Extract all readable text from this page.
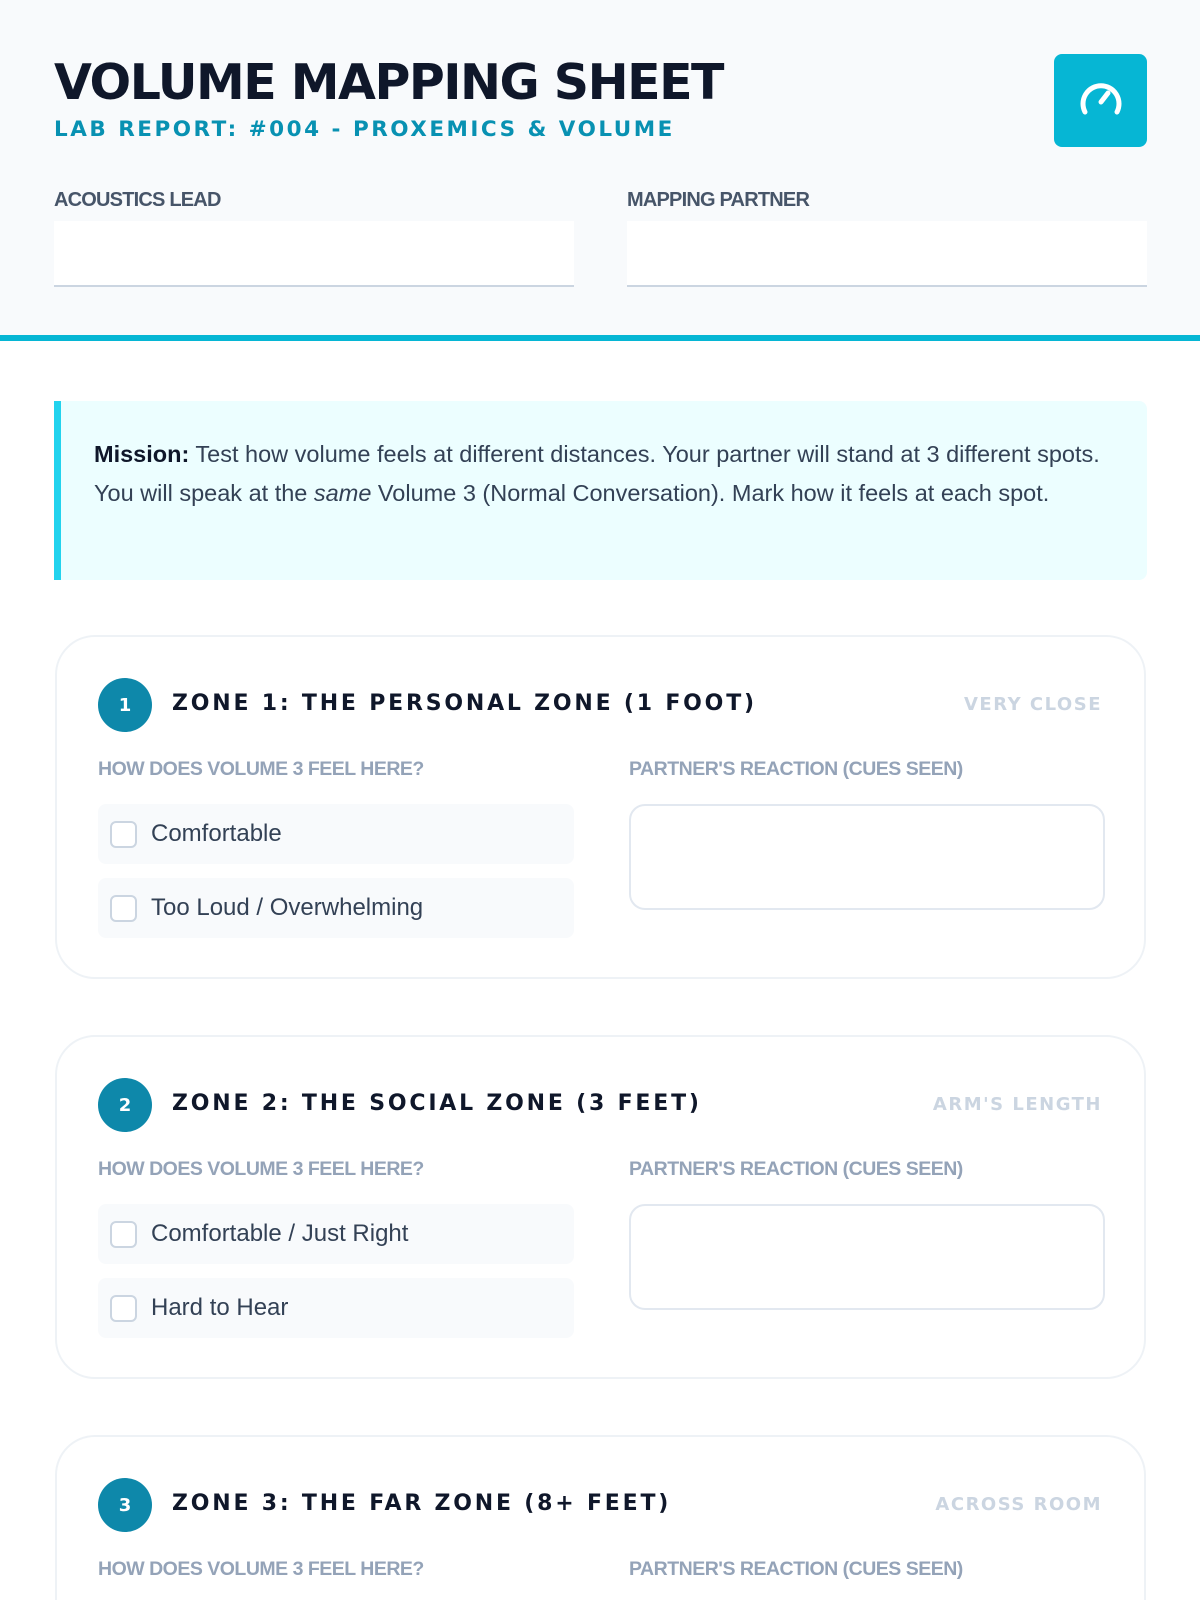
VOLUME MAPPING SHEET
LAB REPORT: #004 - PROXEMICS & VOLUME
ACOUSTICS LEAD	MAPPING PARTNER
Mission: Test how volume feels at different distances. Your partner will stand at 3 different spots. You will speak at the same Volume 3 (Normal Conversation). Mark how it feels at each spot.
1	ZONE 1: THE PERSONAL ZONE (1 FOOT)	VERY CLOSE
HOW DOES VOLUME 3 FEEL HERE?	PARTNER'S REACTION (CUES SEEN)
Comfortable
Too Loud / Overwhelming
2	ZONE 2: THE SOCIAL ZONE (3 FEET)	ARM'S LENGTH
HOW DOES VOLUME 3 FEEL HERE?	PARTNER'S REACTION (CUES SEEN)
Comfortable / Just Right
Hard to Hear
3	ZONE 3: THE FAR ZONE (8+ FEET)	ACROSS ROOM
HOW DOES VOLUME 3 FEEL HERE?	PARTNER'S REACTION (CUES SEEN)
